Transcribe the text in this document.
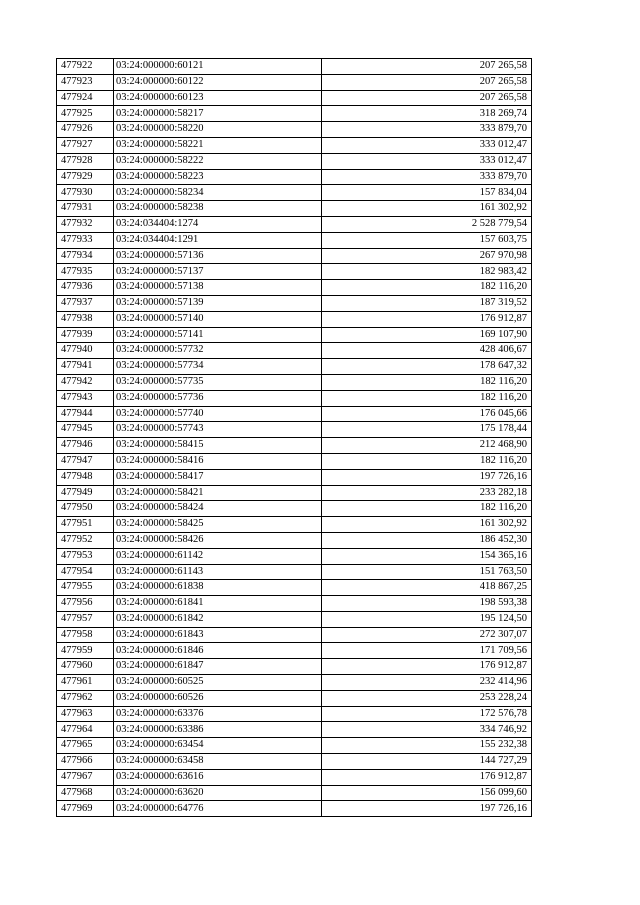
477922	03:24:000000:60121	207 265,58
477923	03:24:000000:60122	207 265,58
477924	03:24:000000:60123	207 265,58
477925	03:24:000000:58217	318 269,74
477926	03:24:000000:58220	333 879,70
477927	03:24:000000:58221	333 012,47
477928	03:24:000000:58222	333 012,47
477929	03:24:000000:58223	333 879,70
477930	03:24:000000:58234	157 834,04
477931	03:24:000000:58238	161 302,92
477932	03:24:034404:1274	2 528 779,54
477933	03:24:034404:1291	157 603,75
477934	03:24:000000:57136	267 970,98
477935	03:24:000000:57137	182 983,42
477936	03:24:000000:57138	182 116,20
477937	03:24:000000:57139	187 319,52
477938	03:24:000000:57140	176 912,87
477939	03:24:000000:57141	169 107,90
477940	03:24:000000:57732	428 406,67
477941	03:24:000000:57734	178 647,32
477942	03:24:000000:57735	182 116,20
477943	03:24:000000:57736	182 116,20
477944	03:24:000000:57740	176 045,66
477945	03:24:000000:57743	175 178,44
477946	03:24:000000:58415	212 468,90
477947	03:24:000000:58416	182 116,20
477948	03:24:000000:58417	197 726,16
477949	03:24:000000:58421	233 282,18
477950	03:24:000000:58424	182 116,20
477951	03:24:000000:58425	161 302,92
477952	03:24:000000:58426	186 452,30
477953	03:24:000000:61142	154 365,16
477954	03:24:000000:61143	151 763,50
477955	03:24:000000:61838	418 867,25
477956	03:24:000000:61841	198 593,38
477957	03:24:000000:61842	195 124,50
477958	03:24:000000:61843	272 307,07
477959	03:24:000000:61846	171 709,56
477960	03:24:000000:61847	176 912,87
477961	03:24:000000:60525	232 414,96
477962	03:24:000000:60526	253 228,24
477963	03:24:000000:63376	172 576,78
477964	03:24:000000:63386	334 746,92
477965	03:24:000000:63454	155 232,38
477966	03:24:000000:63458	144 727,29
477967	03:24:000000:63616	176 912,87
477968	03:24:000000:63620	156 099,60
477969	03:24:000000:64776	197 726,16
